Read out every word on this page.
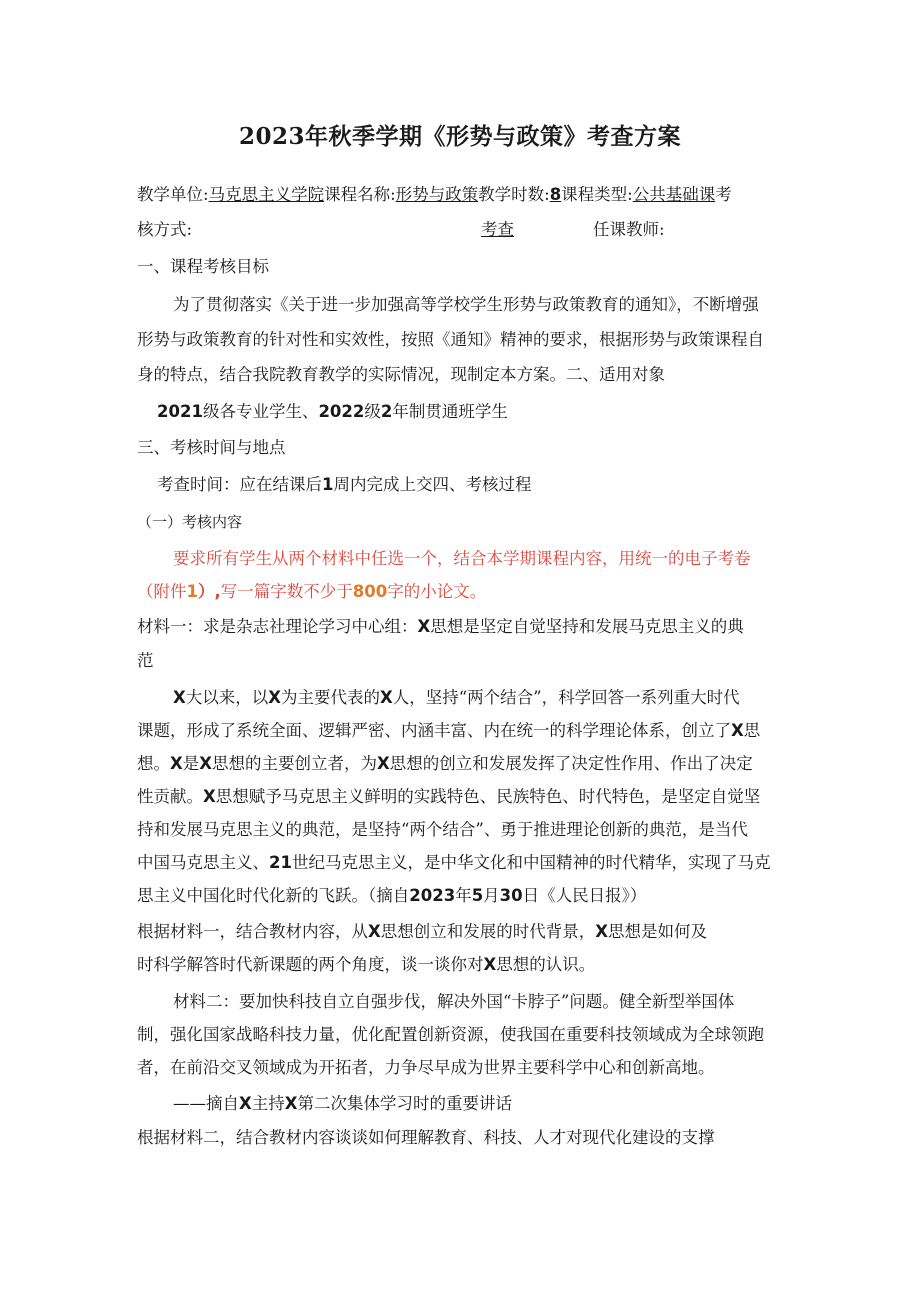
2023年秋季学期《形势与政策》考查方案
教学单位:马克思主义学院课程名称:形势与政策教学时数:8课程类型:公共基础课考
核方式:	考查	任课教师:
一、课程考核目标
为了贯彻落实《关于进一步加强高等学校学生形势与政策教育的通知》，不断增强
形势与政策教育的针对性和实效性，按照《通知》精神的要求，根据形势与政策课程自
身的特点，结合我院教育教学的实际情况，现制定本方案。二、适用对象
2021级各专业学生、2022级2年制贯通班学生
三、考核时间与地点
考查时间：应在结课后1周内完成上交四、考核过程
（一）考核内容
要求所有学生从两个材料中任选一个，结合本学期课程内容，用统一的电子考卷
（附件1）,写一篇字数不少于800字的小论文。
材料一：求是杂志社理论学习中心组：X思想是坚定自觉坚持和发展马克思主义的典
范
X大以来，以X为主要代表的X人，坚持“两个结合”，科学回答一系列重大时代
课题，形成了系统全面、逻辑严密、内涵丰富、内在统一的科学理论体系，创立了X思
想。X是X思想的主要创立者，为X思想的创立和发展发挥了决定性作用、作出了决定
性贡献。X思想赋予马克思主义鲜明的实践特色、民族特色、时代特色，是坚定自觉坚
持和发展马克思主义的典范，是坚持“两个结合”、勇于推进理论创新的典范，是当代
中国马克思主义、21世纪马克思主义，是中华文化和中国精神的时代精华，实现了马克
思主义中国化时代化新的飞跃。（摘自2023年5月30日《人民日报》）
根据材料一，结合教材内容，从X思想创立和发展的时代背景，X思想是如何及
时科学解答时代新课题的两个角度，谈一谈你对X思想的认识。
材料二：要加快科技自立自强步伐，解决外国“卡脖子”问题。健全新型举国体
制，强化国家战略科技力量，优化配置创新资源，使我国在重要科技领域成为全球领跑
者，在前沿交叉领域成为开拓者，力争尽早成为世界主要科学中心和创新高地。
——摘自X主持X第二次集体学习时的重要讲话
根据材料二，结合教材内容谈谈如何理解教育、科技、人才对现代化建设的支撑
